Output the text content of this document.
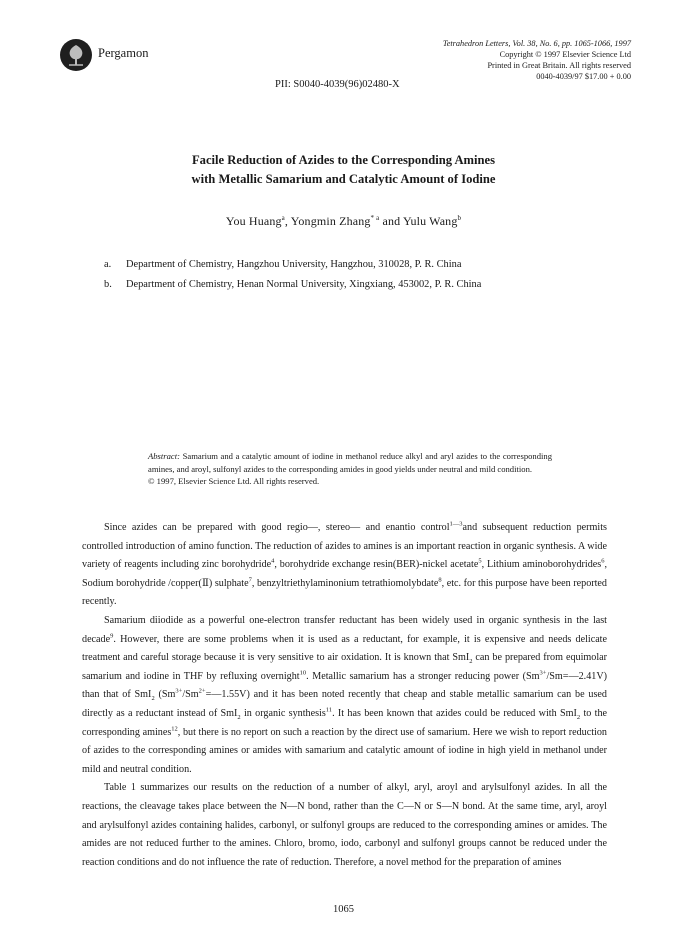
Pergamon
Tetrahedron Letters, Vol. 38, No. 6, pp. 1065-1066, 1997
Copyright © 1997 Elsevier Science Ltd
Printed in Great Britain. All rights reserved
0040-4039/97 $17.00 + 0.00
PII: S0040-4039(96)02480-X
Facile Reduction of Azides to the Corresponding Amines
with Metallic Samarium and Catalytic Amount of Iodine
You Huang$^a$, Yongmin Zhang$^{* a}$ and Yulu Wang$^b$
a. Department of Chemistry, Hangzhou University, Hangzhou, 310028, P. R. China
b. Department of Chemistry, Henan Normal University, Xingxiang, 453002, P. R. China
Abstract: Samarium and a catalytic amount of iodine in methanol reduce alkyl and aryl azides to the corresponding amines, and aroyl, sulfonyl azides to the corresponding amides in good yields under neutral and mild condition.
© 1997, Elsevier Science Ltd. All rights reserved.

Since azides can be prepared with good regio—, stereo— and enantio control$^{1—3}$and subsequent reduction permits controlled introduction of amino function. The reduction of azides to amines is an important reaction in organic synthesis. A wide variety of reagents including zinc borohydride$^4$, borohydride exchange resin(BER)-nickel acetate$^5$, Lithium aminoborohydrides$^6$, Sodium borohydride /copper(Ⅱ) sulphate$^7$, benzyltriethylaminonium tetrathiomolybdate$^8$, etc. for this purpose have been reported recently.

Samarium diiodide as a powerful one-electron transfer reductant has been widely used in organic synthesis in the last decade$^9$. However, there are some problems when it is used as a reductant, for example, it is expensive and needs delicate treatment and careful storage because it is very sensitive to air oxidation. It is known that SmI$_2$ can be prepared from equimolar samarium and iodine in THF by refluxing overnight$^{10}$. Metallic samarium has a stronger reducing power $(Sm^{3+}/Sm=—2.41V)$ than that of SmI$_2$ $(Sm^{3+}/Sm^{2+}=—1.55V)$ and it has been noted recently that cheap and stable metallic samarium can be used directly as a reductant instead of SmI$_2$ in organic synthesis$^{11}$. It has been known that azides could be reduced with SmI$_2$ to the corresponding amines$^{12}$, but there is no report on such a reaction by the direct use of samarium. Here we wish to report reduction of azides to the corresponding amines or amides with samarium and catalytic amount of iodine in high yield in methanol under mild and neutral condition.

Table 1 summarizes our results on the reduction of a number of alkyl, aryl, aroyl and arylsulfonyl azides. In all the reactions, the cleavage takes place between the N—N bond, rather than the C—N or S—N bond. At the same time, aryl, aroyl and arylsulfonyl azides containing halides, carbonyl, or sulfonyl groups are reduced to the corresponding amines or amides. The amides are not reduced further to the amines. Chloro, bromo, iodo, carbonyl and sulfonyl groups cannot be reduced under the reaction conditions and do not influence the rate of reduction. Therefore, a novel method for the preparation of amines

1065
